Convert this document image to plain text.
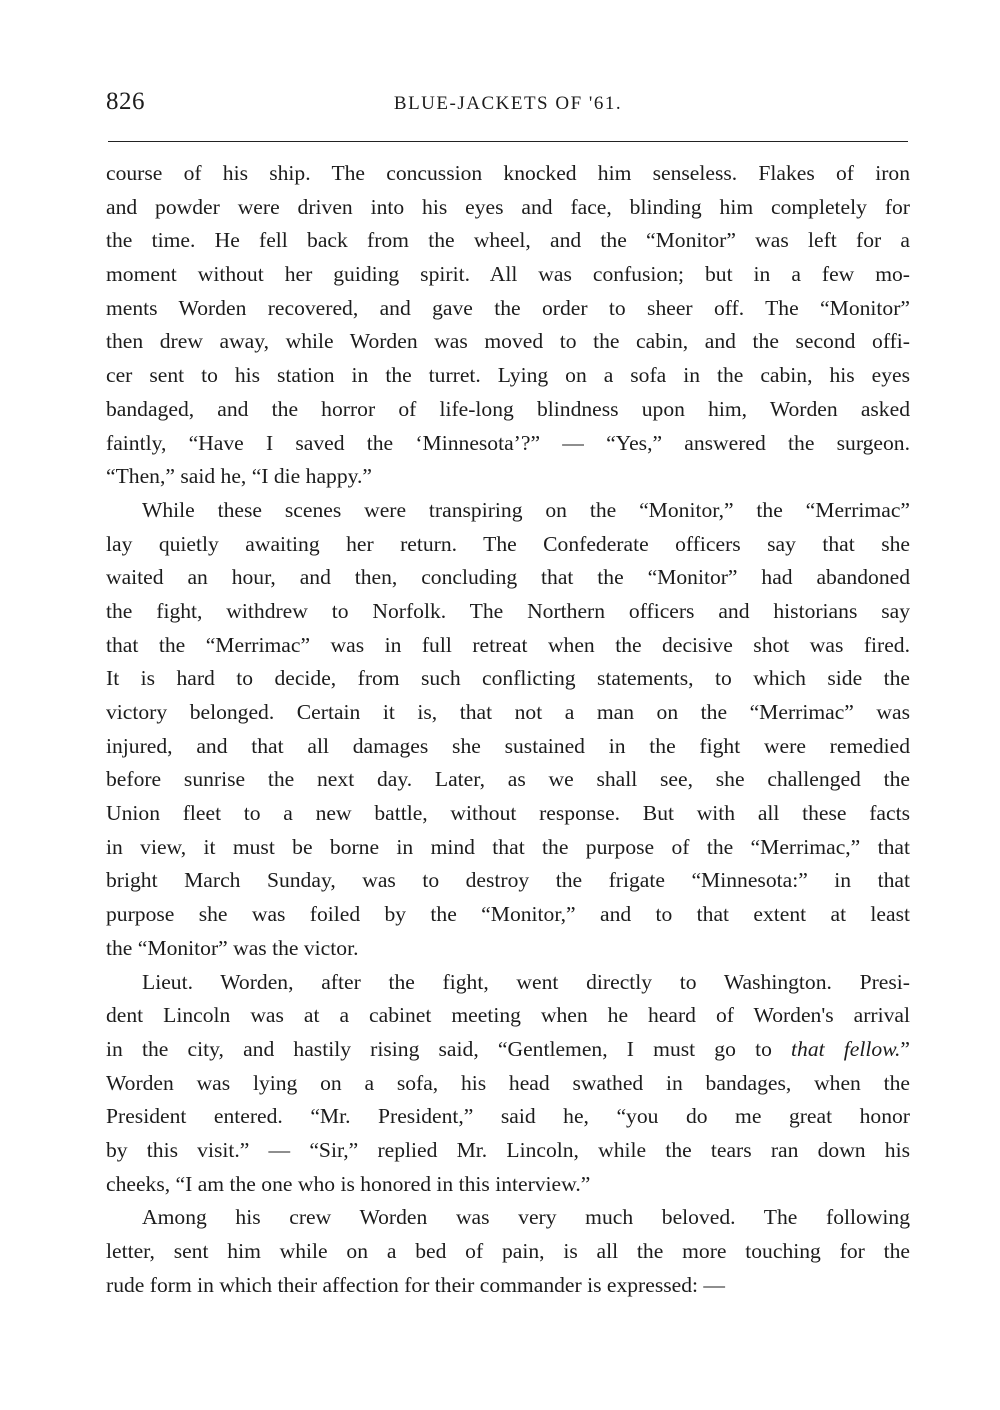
826	BLUE-JACKETS OF '61.
course of his ship. The concussion knocked him senseless. Flakes of iron
and powder were driven into his eyes and face, blinding him completely for
the time. He fell back from the wheel, and the “Monitor” was left for a
moment without her guiding spirit. All was confusion; but in a few mo-
ments Worden recovered, and gave the order to sheer off. The “Monitor”
then drew away, while Worden was moved to the cabin, and the second offi-
cer sent to his station in the turret. Lying on a sofa in the cabin, his eyes
bandaged, and the horror of life-long blindness upon him, Worden asked
faintly, “Have I saved the ‘Minnesota’?” — “Yes,” answered the surgeon.
“Then,” said he, “I die happy.”
While these scenes were transpiring on the “Monitor,” the “Merrimac”
lay quietly awaiting her return. The Confederate officers say that she
waited an hour, and then, concluding that the “Monitor” had abandoned
the fight, withdrew to Norfolk. The Northern officers and historians say
that the “Merrimac” was in full retreat when the decisive shot was fired.
It is hard to decide, from such conflicting statements, to which side the
victory belonged. Certain it is, that not a man on the “Merrimac” was
injured, and that all damages she sustained in the fight were remedied
before sunrise the next day. Later, as we shall see, she challenged the
Union fleet to a new battle, without response. But with all these facts
in view, it must be borne in mind that the purpose of the “Merrimac,” that
bright March Sunday, was to destroy the frigate “Minnesota:” in that
purpose she was foiled by the “Monitor,” and to that extent at least
the “Monitor” was the victor.
Lieut. Worden, after the fight, went directly to Washington. Presi-
dent Lincoln was at a cabinet meeting when he heard of Worden's arrival
in the city, and hastily rising said, “Gentlemen, I must go to that fellow.”
Worden was lying on a sofa, his head swathed in bandages, when the
President entered. “Mr. President,” said he, “you do me great honor
by this visit.” — “Sir,” replied Mr. Lincoln, while the tears ran down his
cheeks, “I am the one who is honored in this interview.”
Among his crew Worden was very much beloved. The following
letter, sent him while on a bed of pain, is all the more touching for the
rude form in which their affection for their commander is expressed: —
